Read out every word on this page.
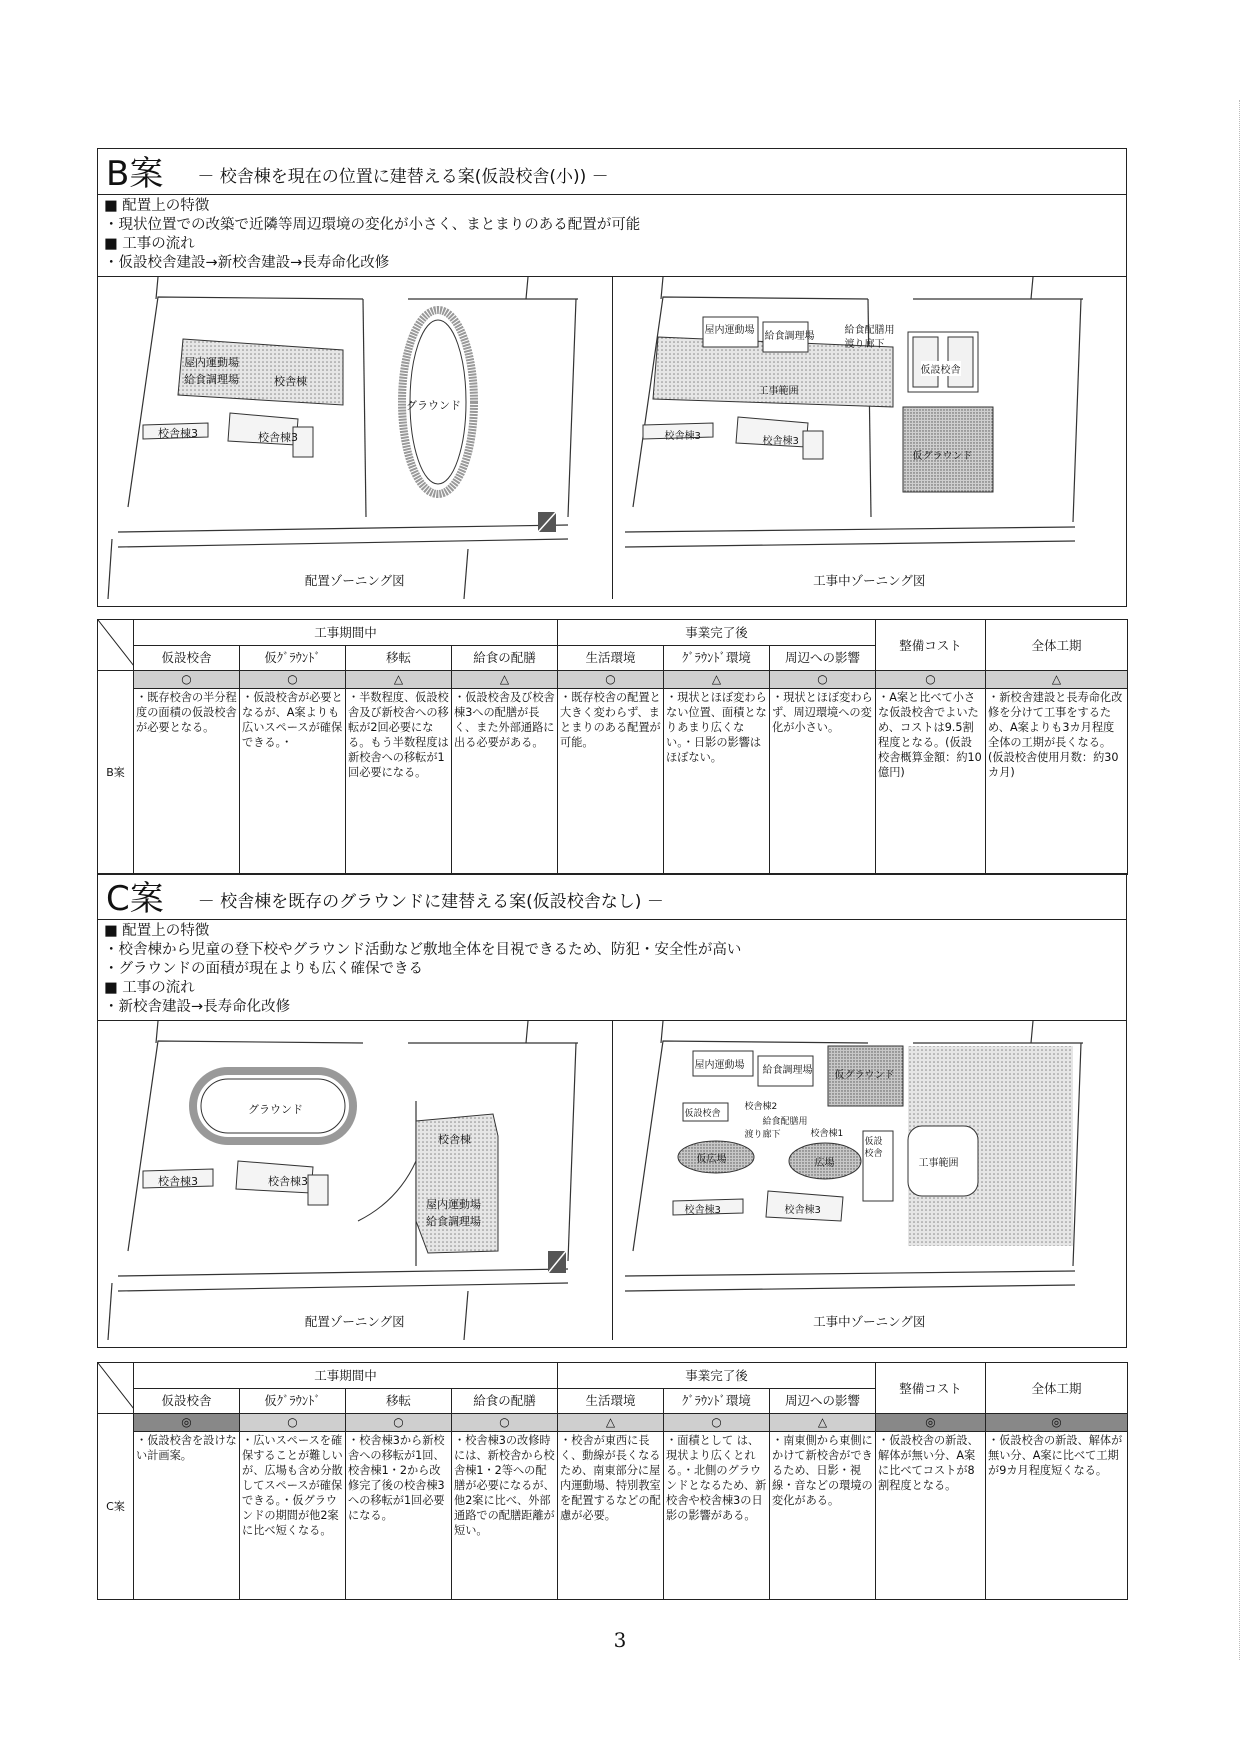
B案 － 校舎棟を現在の位置に建替える案(仮設校舎(小)) －
■ 配置上の特徴
・現状位置での改築で近隣等周辺環境の変化が小さく、まとまりのある配置が可能
■ 工事の流れ
・仮設校舎建設→新校舎建設→長寿命化改修
屋内運動場
給食調理場	校舎棟
校舎棟3	校舎棟3
グラウンド
配置ゾーニング図
屋内運動場
給食調理場
給食配膳用
渡り廊下
仮設校舎
工事範囲
校舎棟3	校舎棟3
仮グラウンド
工事中ゾーニング図
	工事期間中				事業完了後			整備コスト	全体工期
	仮設校舎	仮ｸﾞﾗｳﾝﾄﾞ	移転	給食の配膳	生活環境	ｸﾞﾗｳﾝﾄﾞ環境	周辺への影響		
B案	○	○	△	△	○	△	○	○	△
	・既存校舎の半分程度の面積の仮設校舎が必要となる。	・仮設校舎が必要となるが、A案よりも広いスペースが確保できる。・	・半数程度、仮設校舎及び新校舎への移転が2回必要になる。もう半数程度は新校舎への移転が1回必要になる。	・仮設校舎及び校舎棟3への配膳が長く、また外部通路に出る必要がある。	・既存校舎の配置と大きく変わらず、まとまりのある配置が可能。	・現状とほぼ変わらない位置、面積となりあまり広くない。・日影の影響はほぼない。	・現状とほぼ変わらず、周辺環境への変化が小さい。	・A案と比べて小さな仮設校舎でよいため、コストは9.5割程度となる。(仮設校舎概算金額：約10億円)	・新校舎建設と長寿命化改修を分けて工事をするため、A案よりも3カ月程度全体の工期が長くなる。(仮設校舎使用月数：約30カ月)
C案 － 校舎棟を既存のグラウンドに建替える案(仮設校舎なし) －
■ 配置上の特徴
・校舎棟から児童の登下校やグラウンド活動など敷地全体を目視できるため、防犯・安全性が高い
・グラウンドの面積が現在よりも広く確保できる
■ 工事の流れ
・新校舎建設→長寿命化改修
グラウンド
校舎棟
校舎棟3	校舎棟3
屋内運動場
給食調理場
配置ゾーニング図
屋内運動場 給食調理場 仮グラウンド
仮設校舎
校舎棟2
給食配膳用
渡り廊下	校舎棟1
仮設校舎
仮広場	広場	工事範囲
校舎棟3	校舎棟3
工事中ゾーニング図
	工事期間中				事業完了後			整備コスト	全体工期
	仮設校舎	仮ｸﾞﾗｳﾝﾄﾞ	移転	給食の配膳	生活環境	ｸﾞﾗｳﾝﾄﾞ環境	周辺への影響		
C案	◎	○	○	○	△	○	△	◎	◎
	・仮設校舎を設けない計画案。	・広いスペースを確保することが難しいが、広場も含め分散してスペースが確保できる。・仮グラウンドの期間が他2案に比べ短くなる。	・校舎棟3から新校舎への移転が1回、校舎棟1・2から改修完了後の校舎棟3への移転が1回必要になる。	・校舎棟3の改修時には、新校舎から校舎棟1・2等への配膳が必要になるが、他2案に比べ、外部通路での配膳距離が短い。	・校舎が東西に長く、動線が長くなるため、南東部分に屋内運動場、特別教室を配置するなどの配慮が必要。	・面積として は、現状より広くとれる。・北側のグラウンドとなるため、新校舎や校舎棟3の日影の影響がある。	・南東側から東側にかけて新校舎ができるため、日影・視線・音などの環境の変化がある。	・仮設校舎の新設、解体が無い分、A案に比べてコストが8割程度となる。	・仮設校舎の新設、解体が無い分、A案に比べて工期が9カ月程度短くなる。
3
